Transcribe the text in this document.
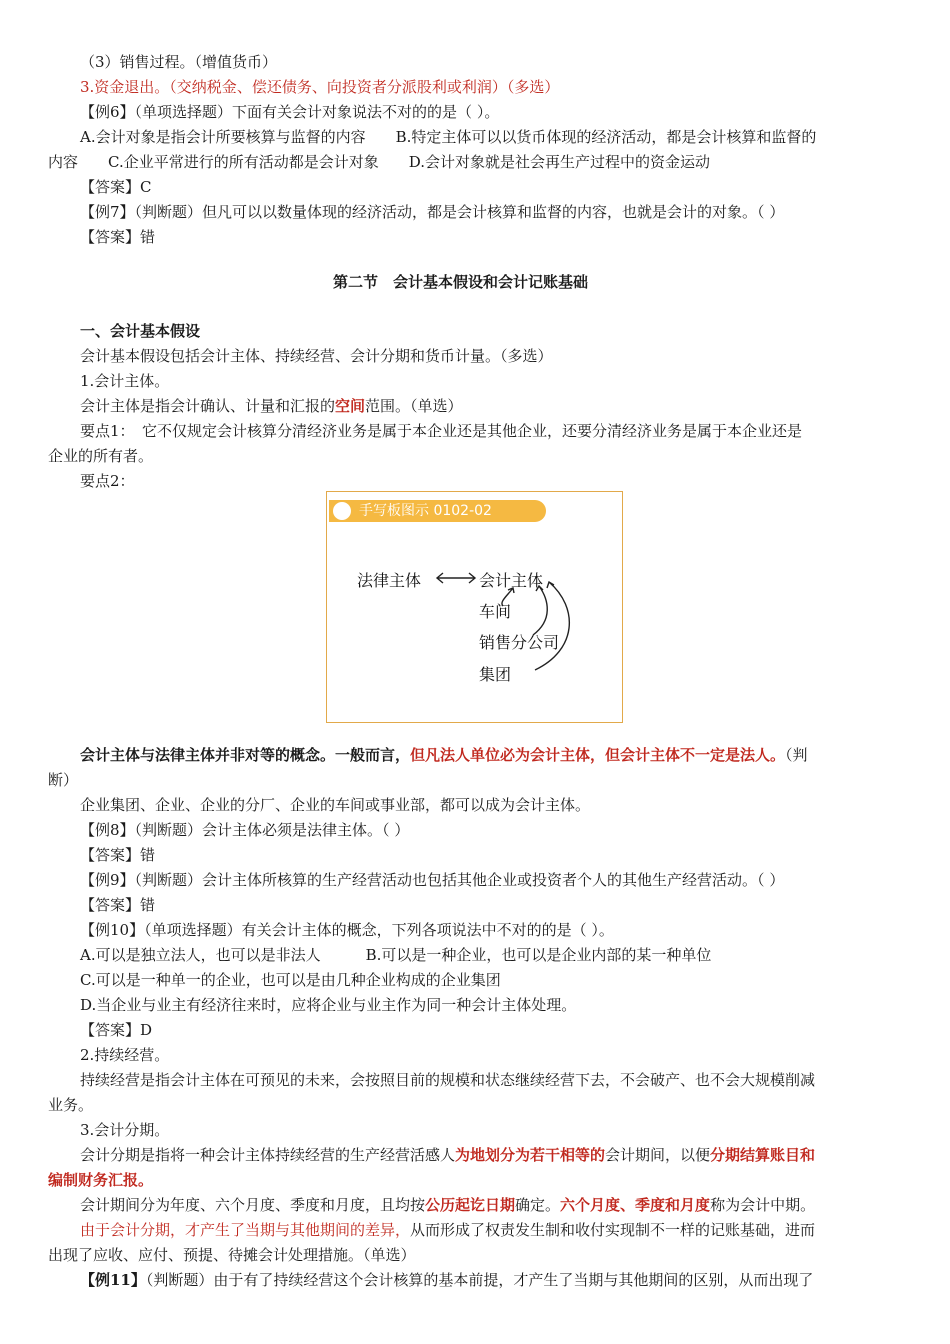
（3）销售过程。（增值货币）
3.资金退出。（交纳税金、偿还债务、向投资者分派股利或利润）（多选）
【例6】（单项选择题）下面有关会计对象说法不对的的是（ ）。
A.会计对象是指会计所要核算与监督的内容　　B.特定主体可以以货币体现的经济活动，都是会计核算和监督的
内容　　C.企业平常进行的所有活动都是会计对象　　D.会计对象就是社会再生产过程中的资金运动
【答案】C
【例7】（判断题）但凡可以以数量体现的经济活动，都是会计核算和监督的内容，也就是会计的对象。（ ）
【答案】错
第二节　会计基本假设和会计记账基础
一、会计基本假设
会计基本假设包括会计主体、持续经营、会计分期和货币计量。（多选）
1.会计主体。
会计主体是指会计确认、计量和汇报的空间范围。（单选）
要点1：　它不仅规定会计核算分清经济业务是属于本企业还是其他企业，还要分清经济业务是属于本企业还是
企业的所有者。
要点2：
手写板图示 0102-02
法律主体	会计主体
车间
销售分公司
集团
会计主体与法律主体并非对等的概念。一般而言，但凡法人单位必为会计主体，但会计主体不一定是法人。（判
断）
企业集团、企业、企业的分厂、企业的车间或事业部，都可以成为会计主体。
【例8】（判断题）会计主体必须是法律主体。（ ）
【答案】错
【例9】（判断题）会计主体所核算的生产经营活动也包括其他企业或投资者个人的其他生产经营活动。（ ）
【答案】错
【例10】（单项选择题）有关会计主体的概念，下列各项说法中不对的的是（ ）。
A.可以是独立法人，也可以是非法人　　　B.可以是一种企业，也可以是企业内部的某一种单位
C.可以是一种单一的企业，也可以是由几种企业构成的企业集团
D.当企业与业主有经济往来时，应将企业与业主作为同一种会计主体处理。
【答案】D
2.持续经营。
持续经营是指会计主体在可预见的未来，会按照目前的规模和状态继续经营下去，不会破产、也不会大规模削减
业务。
3.会计分期。
会计分期是指将一种会计主体持续经营的生产经营活感人为地划分为若干相等的会计期间，以便分期结算账目和
编制财务汇报。
会计期间分为年度、六个月度、季度和月度，且均按公历起讫日期确定。六个月度、季度和月度称为会计中期。
由于会计分期，才产生了当期与其他期间的差异，从而形成了权责发生制和收付实现制不一样的记账基础，进而
出现了应收、应付、预提、待摊会计处理措施。（单选）
【例11】（判断题）由于有了持续经营这个会计核算的基本前提，才产生了当期与其他期间的区别，从而出现了
